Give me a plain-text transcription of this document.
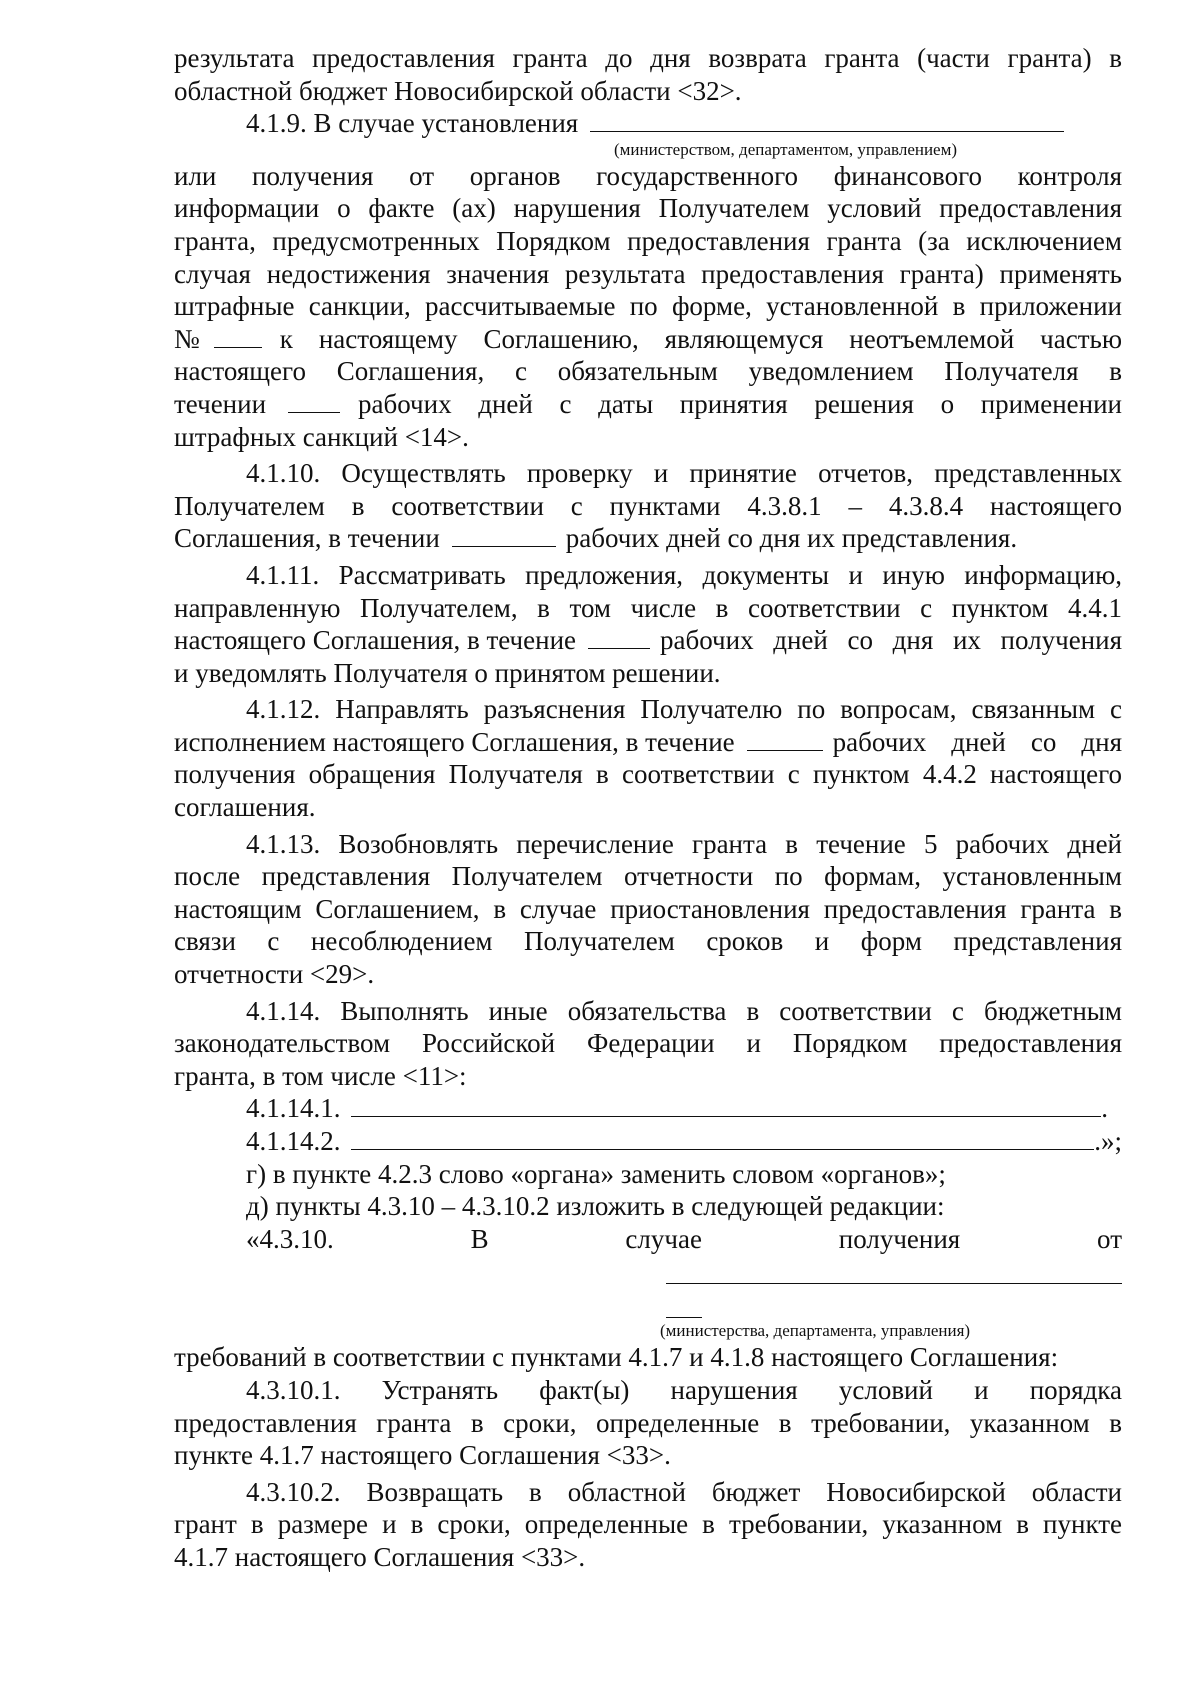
результата предоставления гранта до дня возврата гранта (части гранта) в
областной бюджет Новосибирской области <32>.
4.1.9. В случае установления
(министерством, департаментом, управлением)
или получения от органов государственного финансового контроля
информации о факте (ах) нарушения Получателем условий предоставления
гранта, предусмотренных Порядком предоставления гранта (за исключением
случая недостижения значения результата предоставления гранта) применять
штрафные санкции, рассчитываемые по форме, установленной в приложении
№	к настоящему Соглашению, являющемуся неотъемлемой частью
настоящего Соглашения, с обязательным уведомлением Получателя в
течении	рабочих дней с даты принятия решения о применении
штрафных санкций <14>.
4.1.10. Осуществлять проверку и принятие отчетов, представленных
Получателем в соответствии с пунктами 4.3.8.1 – 4.3.8.4 настоящего
Соглашения, в течении	рабочих дней со дня их представления.
4.1.11. Рассматривать предложения, документы и иную информацию,
направленную Получателем, в том числе в соответствии с пунктом 4.4.1
настоящего Соглашения, в течение	рабочих дней со дня их получения
и уведомлять Получателя о принятом решении.
4.1.12. Направлять разъяснения Получателю по вопросам, связанным с
исполнением настоящего Соглашения, в течение	рабочих дней со дня
получения обращения Получателя в соответствии с пунктом 4.4.2 настоящего
соглашения.
4.1.13. Возобновлять перечисление гранта в течение 5 рабочих дней
после представления Получателем отчетности по формам, установленным
настоящим Соглашением, в случае приостановления предоставления гранта в
связи с несоблюдением Получателем сроков и форм представления
отчетности <29>.
4.1.14. Выполнять иные обязательства в соответствии с бюджетным
законодательством Российской Федерации и Порядком предоставления
гранта, в том числе <11>:
4.1.14.1.	.
4.1.14.2.	.»;
г) в пункте 4.2.3 слово «органа» заменить словом «органов»;
д) пункты 4.3.10 – 4.3.10.2 изложить в следующей редакции:
«4.3.10.	В	случае	получения	от
(министерства, департамента, управления)
требований в соответствии с пунктами 4.1.7 и 4.1.8 настоящего Соглашения:
4.3.10.1. Устранять факт(ы) нарушения условий и порядка
предоставления гранта в сроки, определенные в требовании, указанном в
пункте 4.1.7 настоящего Соглашения <33>.
4.3.10.2. Возвращать в областной бюджет Новосибирской области
грант в размере и в сроки, определенные в требовании, указанном в пункте
4.1.7 настоящего Соглашения <33>.
